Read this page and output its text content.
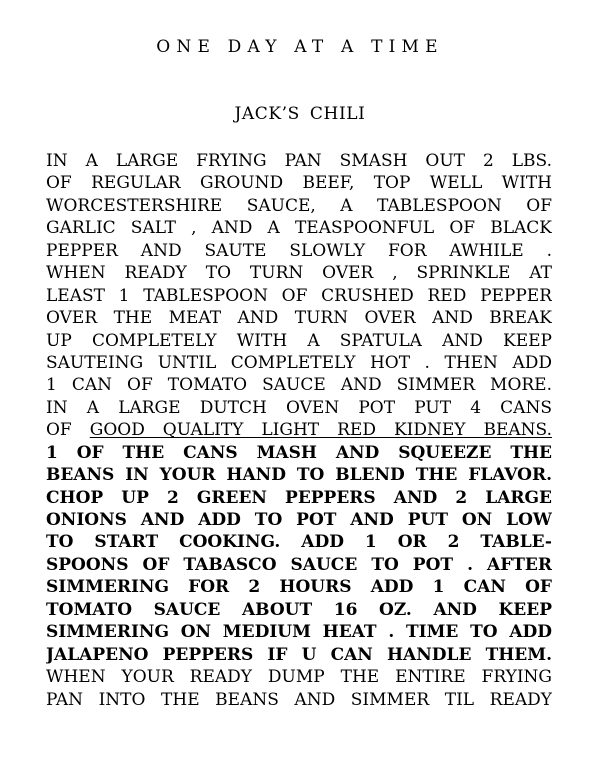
ONE DAY AT A TIME
JACK’S CHILI
IN A LARGE FRYING PAN SMASH OUT 2 LBS.
OF REGULAR GROUND BEEF, TOP WELL WITH
WORCESTERSHIRE SAUCE, A TABLESPOON OF
GARLIC SALT , AND A TEASPOONFUL OF BLACK
PEPPER AND SAUTE SLOWLY FOR AWHILE .
WHEN READY TO TURN OVER , SPRINKLE AT
LEAST 1 TABLESPOON OF CRUSHED RED PEPPER
OVER THE MEAT AND TURN OVER AND BREAK
UP COMPLETELY WITH A SPATULA AND KEEP
SAUTEING UNTIL COMPLETELY HOT . THEN ADD
1 CAN OF TOMATO SAUCE AND SIMMER MORE.
IN A LARGE DUTCH OVEN POT PUT 4 CANS
OF GOOD QUALITY LIGHT RED KIDNEY BEANS.
1 OF THE CANS MASH AND SQUEEZE THE
BEANS IN YOUR HAND TO BLEND THE FLAVOR.
CHOP UP 2 GREEN PEPPERS AND 2 LARGE
ONIONS AND ADD TO POT AND PUT ON LOW
TO START COOKING. ADD 1 OR 2 TABLE-
SPOONS OF TABASCO SAUCE TO POT . AFTER
SIMMERING FOR 2 HOURS ADD 1 CAN OF
TOMATO SAUCE ABOUT 16 OZ. AND KEEP
SIMMERING ON MEDIUM HEAT . TIME TO ADD
JALAPENO PEPPERS IF U CAN HANDLE THEM.
WHEN YOUR READY DUMP THE ENTIRE FRYING
PAN INTO THE BEANS AND SIMMER TIL READY
